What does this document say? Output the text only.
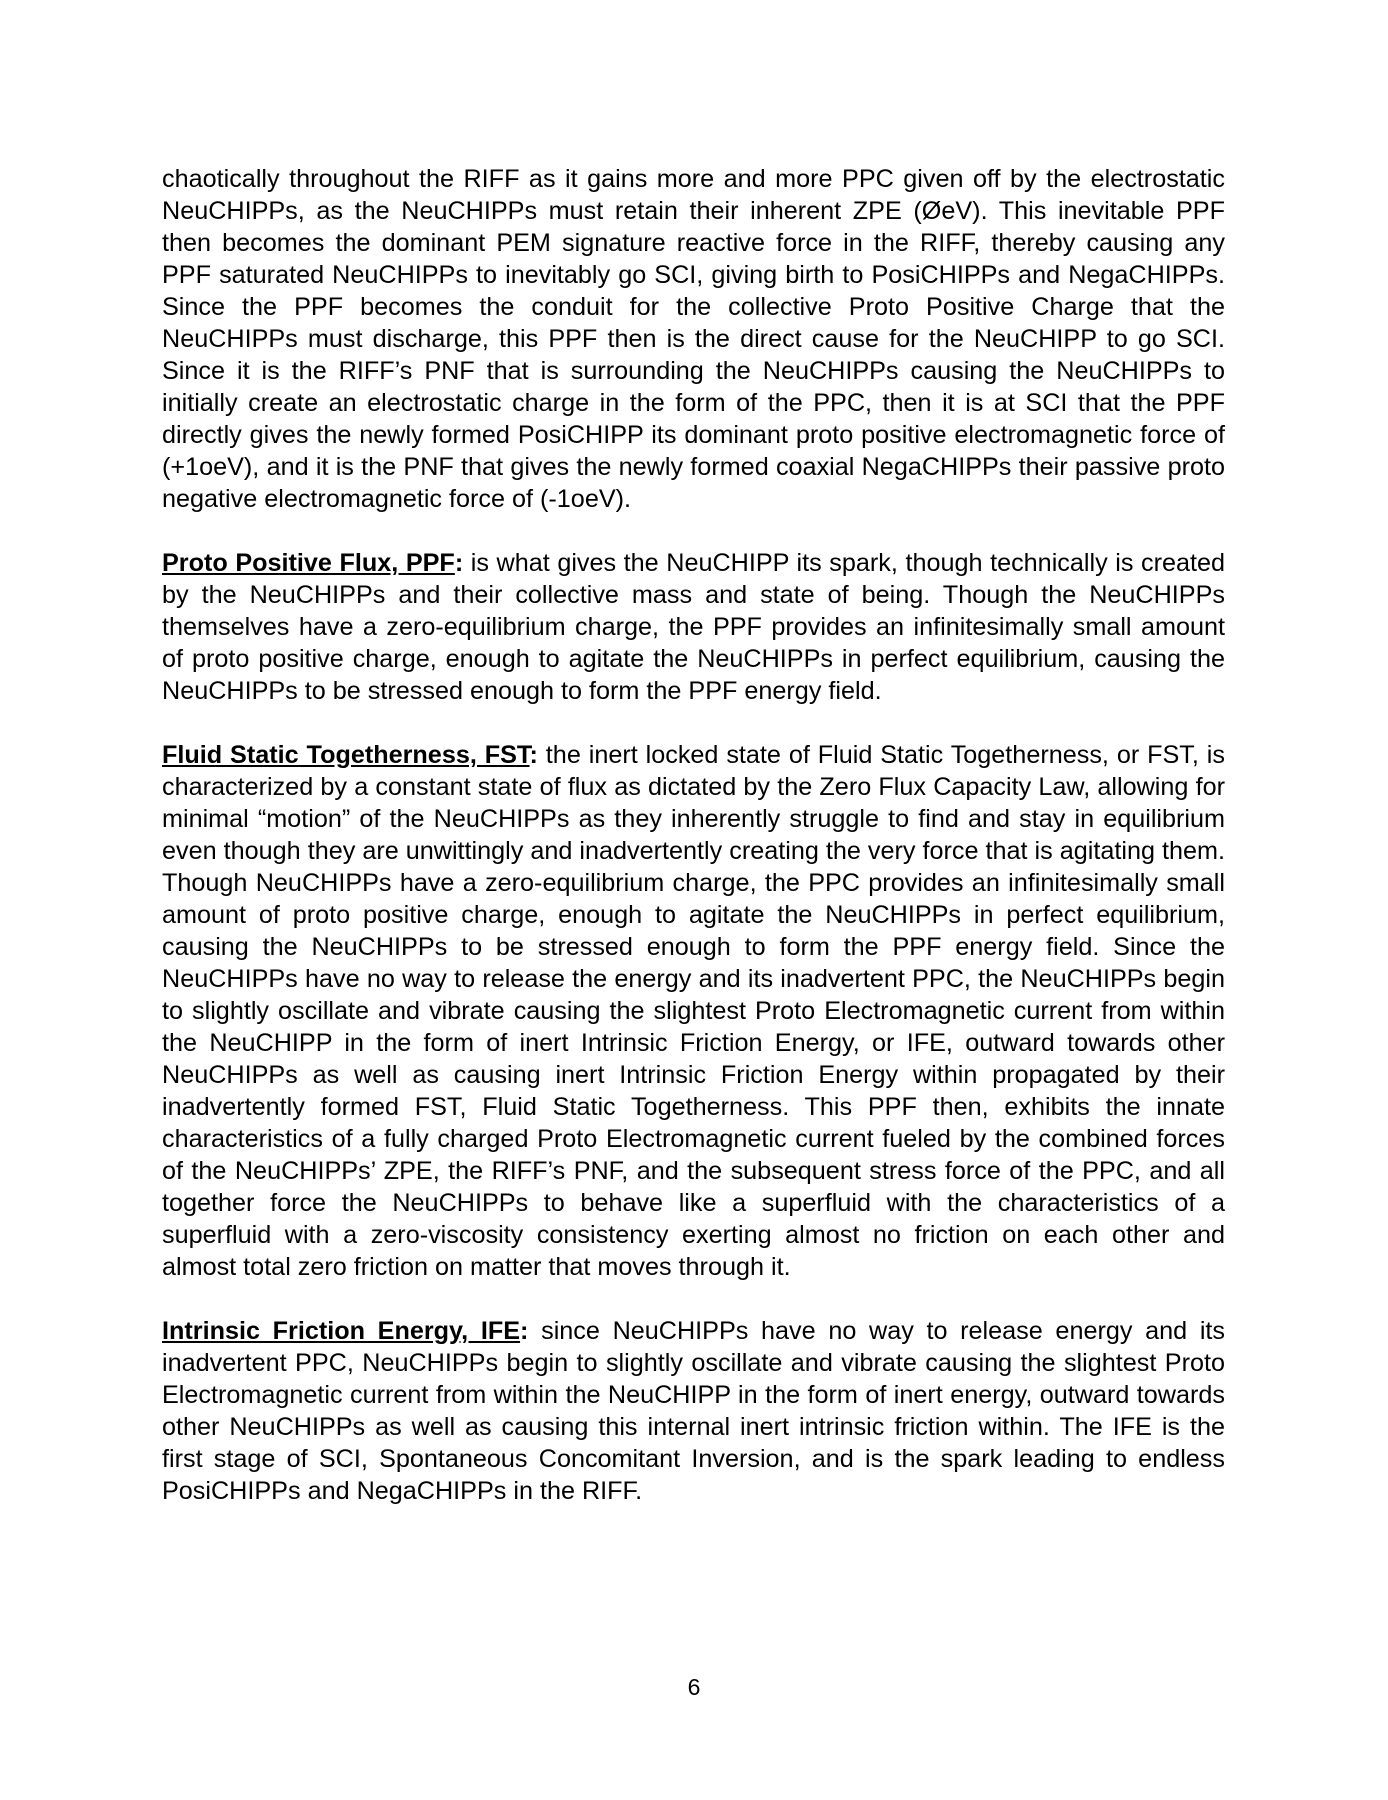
chaotically throughout the RIFF as it gains more and more PPC given off by the electrostatic NeuCHIPPs, as the NeuCHIPPs must retain their inherent ZPE (ØeV). This inevitable PPF then becomes the dominant PEM signature reactive force in the RIFF, thereby causing any PPF saturated NeuCHIPPs to inevitably go SCI, giving birth to PosiCHIPPs and NegaCHIPPs. Since the PPF becomes the conduit for the collective Proto Positive Charge that the NeuCHIPPs must discharge, this PPF then is the direct cause for the NeuCHIPP to go SCI. Since it is the RIFF’s PNF that is surrounding the NeuCHIPPs causing the NeuCHIPPs to initially create an electrostatic charge in the form of the PPC, then it is at SCI that the PPF directly gives the newly formed PosiCHIPP its dominant proto positive electromagnetic force of (+1oeV), and it is the PNF that gives the newly formed coaxial NegaCHIPPs their passive proto negative electromagnetic force of (-1oeV).

Proto Positive Flux, PPF: is what gives the NeuCHIPP its spark, though technically is created by the NeuCHIPPs and their collective mass and state of being. Though the NeuCHIPPs themselves have a zero-equilibrium charge, the PPF provides an infinitesimally small amount of proto positive charge, enough to agitate the NeuCHIPPs in perfect equilibrium, causing the NeuCHIPPs to be stressed enough to form the PPF energy field.

Fluid Static Togetherness, FST: the inert locked state of Fluid Static Togetherness, or FST, is characterized by a constant state of flux as dictated by the Zero Flux Capacity Law, allowing for minimal “motion” of the NeuCHIPPs as they inherently struggle to find and stay in equilibrium even though they are unwittingly and inadvertently creating the very force that is agitating them. Though NeuCHIPPs have a zero-equilibrium charge, the PPC provides an infinitesimally small amount of proto positive charge, enough to agitate the NeuCHIPPs in perfect equilibrium, causing the NeuCHIPPs to be stressed enough to form the PPF energy field. Since the NeuCHIPPs have no way to release the energy and its inadvertent PPC, the NeuCHIPPs begin to slightly oscillate and vibrate causing the slightest Proto Electromagnetic current from within the NeuCHIPP in the form of inert Intrinsic Friction Energy, or IFE, outward towards other NeuCHIPPs as well as causing inert Intrinsic Friction Energy within propagated by their inadvertently formed FST, Fluid Static Togetherness. This PPF then, exhibits the innate characteristics of a fully charged Proto Electromagnetic current fueled by the combined forces of the NeuCHIPPs’ ZPE, the RIFF’s PNF, and the subsequent stress force of the PPC, and all together force the NeuCHIPPs to behave like a superfluid with the characteristics of a superfluid with a zero-viscosity consistency exerting almost no friction on each other and almost total zero friction on matter that moves through it.

Intrinsic Friction Energy, IFE: since NeuCHIPPs have no way to release energy and its inadvertent PPC, NeuCHIPPs begin to slightly oscillate and vibrate causing the slightest Proto Electromagnetic current from within the NeuCHIPP in the form of inert energy, outward towards other NeuCHIPPs as well as causing this internal inert intrinsic friction within. The IFE is the first stage of SCI, Spontaneous Concomitant Inversion, and is the spark leading to endless PosiCHIPPs and NegaCHIPPs in the RIFF.

6
